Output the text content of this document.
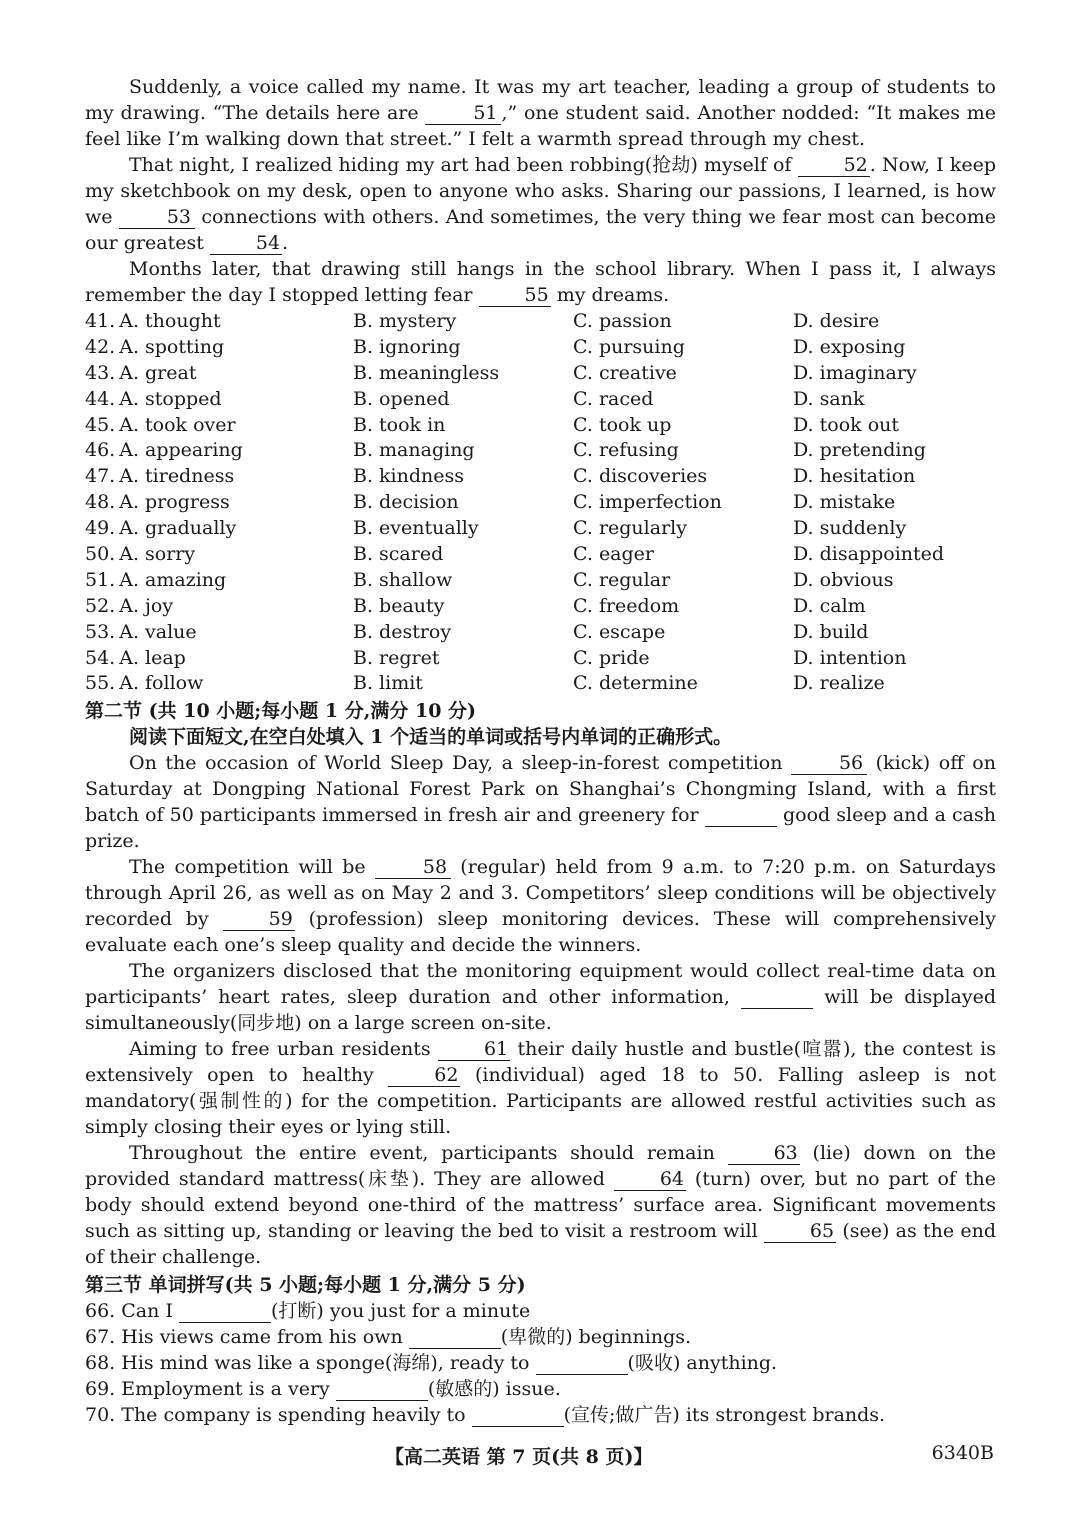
Suddenly, a voice called my name. It was my art teacher, leading a group of students to my drawing. “The details here are	51 ,” one student said. Another nodded: “It makes me feel like I’m walking down that street.” I felt a warmth spread through my chest.

That night, I realized hiding my art had been robbing(抢劫) myself of 52 . Now, I keep my sketchbook on my desk, open to anyone who asks. Sharing our passions, I learned, is how we	53 connections with others. And sometimes, the very thing we fear most can become our greatest 54 .

Months later, that drawing still hangs in the school library. When I pass it, I always remember the day I stopped letting fear 55 my dreams.

41. A. thought	B. mystery	C. passion	D. desire
42. A. spotting	B. ignoring	C. pursuing	D. exposing
43. A. great	B. meaningless	C. creative	D. imaginary
44. A. stopped	B. opened	C. raced	D. sank
45. A. took over	B. took in	C. took up	D. took out
46. A. appearing	B. managing	C. refusing	D. pretending
47. A. tiredness	B. kindness	C. discoveries	D. hesitation
48. A. progress	B. decision	C. imperfection	D. mistake
49. A. gradually	B. eventually	C. regularly	D. suddenly
50. A. sorry	B. scared	C. eager	D. disappointed
51. A. amazing	B. shallow	C. regular	D. obvious
52. A. joy	B. beauty	C. freedom	D. calm
53. A. value	B. destroy	C. escape	D. build
54. A. leap	B. regret	C. pride	D. intention
55. A. follow	B. limit	C. determine	D. realize

第二节 (共 10 小题;每小题 1 分,满分 10 分)

阅读下面短文,在空白处填入 1 个适当的单词或括号内单词的正确形式。

On the occasion of World Sleep Day, a sleep-in-forest competition	56 (kick) off on Saturday at Dongping National Forest Park on Shanghai’s Chongming Island, with a first batch of 50 participants immersed in fresh air and greenery for	good sleep and a cash prize.

The competition will be	58 (regular) held from 9 a.m. to 7:20 p.m. on Saturdays through April 26, as well as on May 2 and 3. Competitors’ sleep conditions will be objectively recorded by 59 (profession) sleep monitoring devices. These will comprehensively evaluate each one’s sleep quality and decide the winners.

The organizers disclosed that the monitoring equipment would collect real-time data on participants’ heart rates, sleep duration and other information,	will be displayed simultaneously(同步地) on a large screen on-site.

Aiming to free urban residents 61 their daily hustle and bustle(喧嚣), the contest is extensively open to healthy 62 (individual) aged 18 to 50. Falling asleep is not mandatory(强制性的) for the competition. Participants are allowed restful activities such as simply closing their eyes or lying still.

Throughout the entire event, participants should remain 63 (lie) down on the provided standard mattress(床垫). They are allowed 64 (turn) over, but no part of the body should extend beyond one-third of the mattress’ surface area. Significant movements such as sitting up, standing or leaving the bed to visit a restroom will 65 (see) as the end of their challenge.

第三节 单词拼写(共 5 小题;每小题 1 分,满分 5 分)

66. Can I	(打断) you just for a minute

67. His views came from his own	(卑微的) beginnings.

68. His mind was like a sponge(海绵), ready to	(吸收) anything.

69. Employment is a very	(敏感的) issue.

70. The company is spending heavily to	(宣传;做广告) its strongest brands.

【高二英语 第 7 页(共 8 页)】	6340B
